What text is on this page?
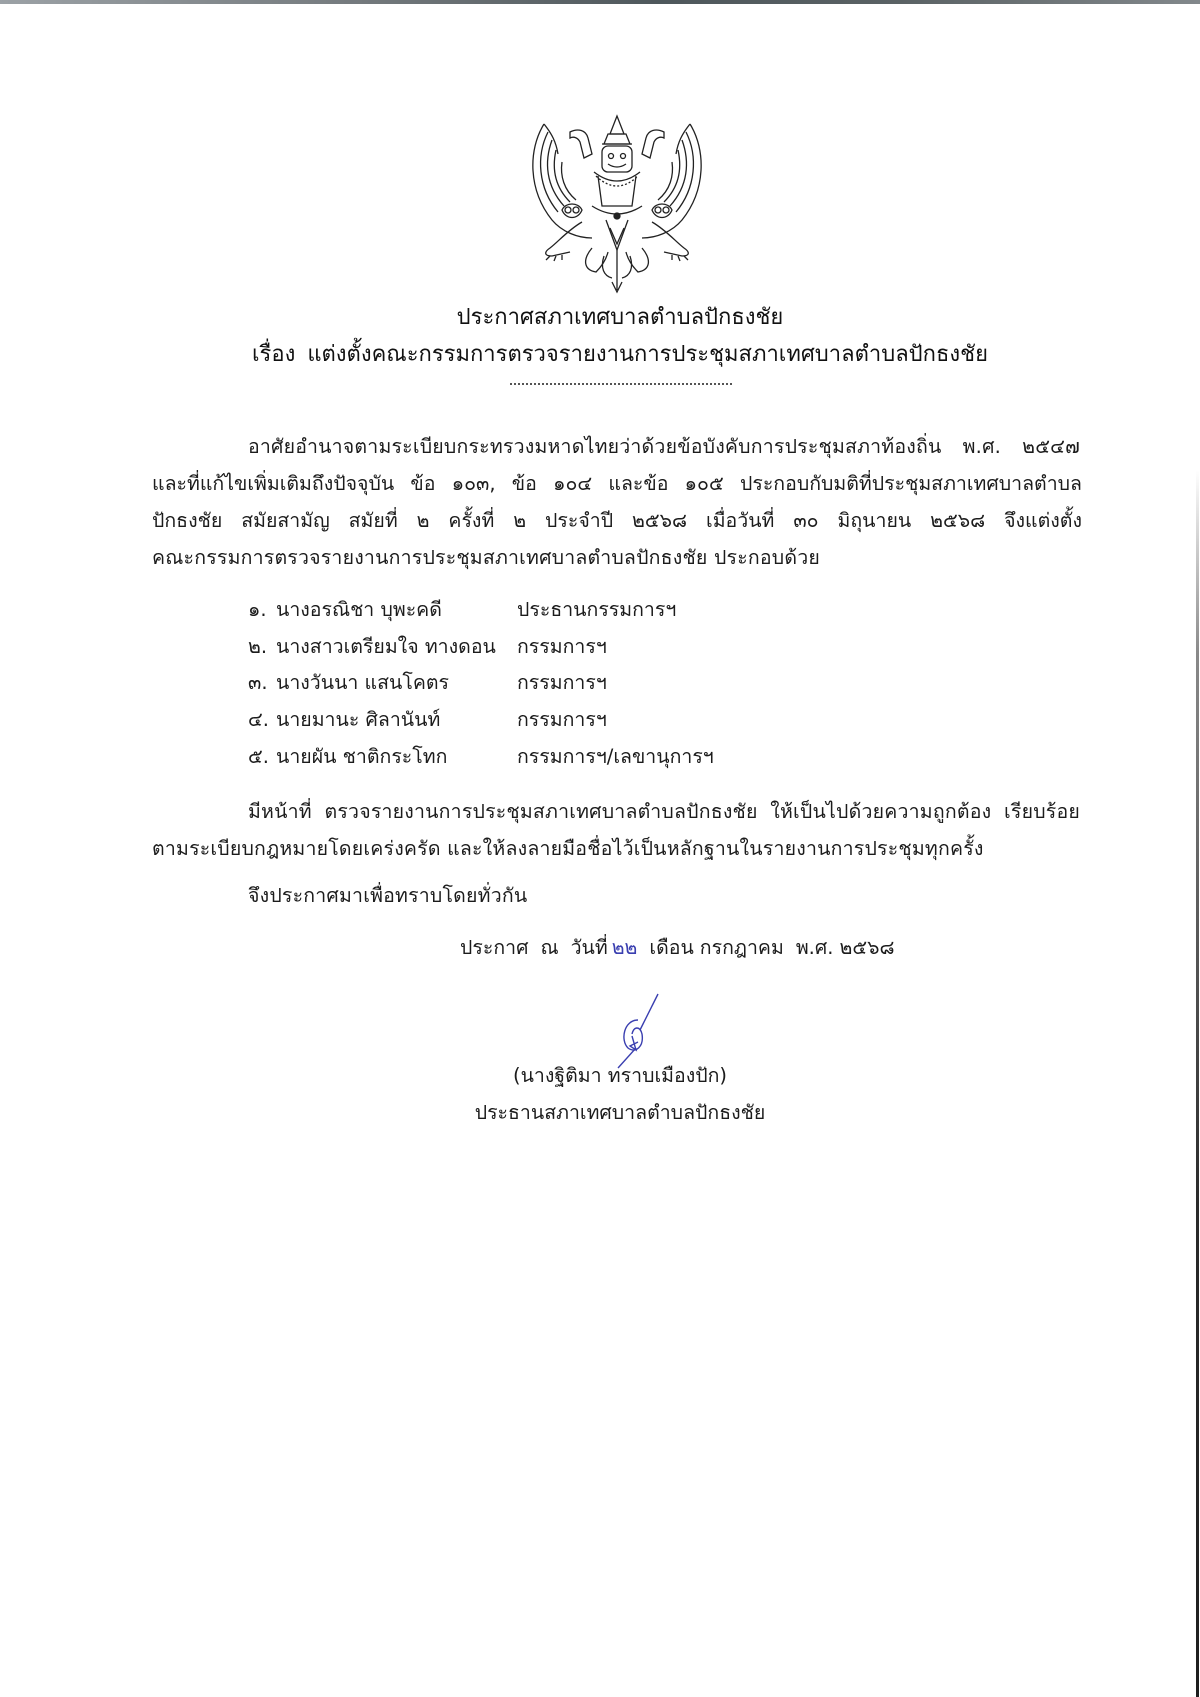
ประกาศสภาเทศบาลตำบลปักธงชัย
เรื่อง แต่งตั้งคณะกรรมการตรวจรายงานการประชุมสภาเทศบาลตำบลปักธงชัย
อาศัยอำนาจตามระเบียบกระทรวงมหาดไทยว่าด้วยข้อบังคับการประชุมสภาท้องถิ่น พ.ศ. ๒๕๔๗
และที่แก้ไขเพิ่มเติมถึงปัจจุบัน ข้อ ๑๐๓, ข้อ ๑๐๔ และข้อ ๑๐๕ ประกอบกับมติที่ประชุมสภาเทศบาลตำบล
ปักธงชัย สมัยสามัญ สมัยที่ ๒ ครั้งที่ ๒ ประจำปี ๒๕๖๘ เมื่อวันที่ ๓๐ มิถุนายน ๒๕๖๘ จึงแต่งตั้ง
คณะกรรมการตรวจรายงานการประชุมสภาเทศบาลตำบลปักธงชัย ประกอบด้วย
๑. นางอรณิชา บุพะคดี	ประธานกรรมการฯ
๒. นางสาวเตรียมใจ ทางดอน กรรมการฯ
๓. นางวันนา แสนโคตร	กรรมการฯ
๔. นายมานะ ศิลานันท์	กรรมการฯ
๕. นายผัน ชาติกระโทก	กรรมการฯ/เลขานุการฯ
มีหน้าที่ ตรวจรายงานการประชุมสภาเทศบาลตำบลปักธงชัย ให้เป็นไปด้วยความถูกต้อง เรียบร้อย
ตามระเบียบกฎหมายโดยเคร่งครัด และให้ลงลายมือชื่อไว้เป็นหลักฐานในรายงานการประชุมทุกครั้ง
จึงประกาศมาเพื่อทราบโดยทั่วกัน
ประกาศ ณ วันที่ ๒๒ เดือน กรกฎาคม พ.ศ. ๒๕๖๘
(นางฐิติมา ทราบเมืองปัก)
ประธานสภาเทศบาลตำบลปักธงชัย
